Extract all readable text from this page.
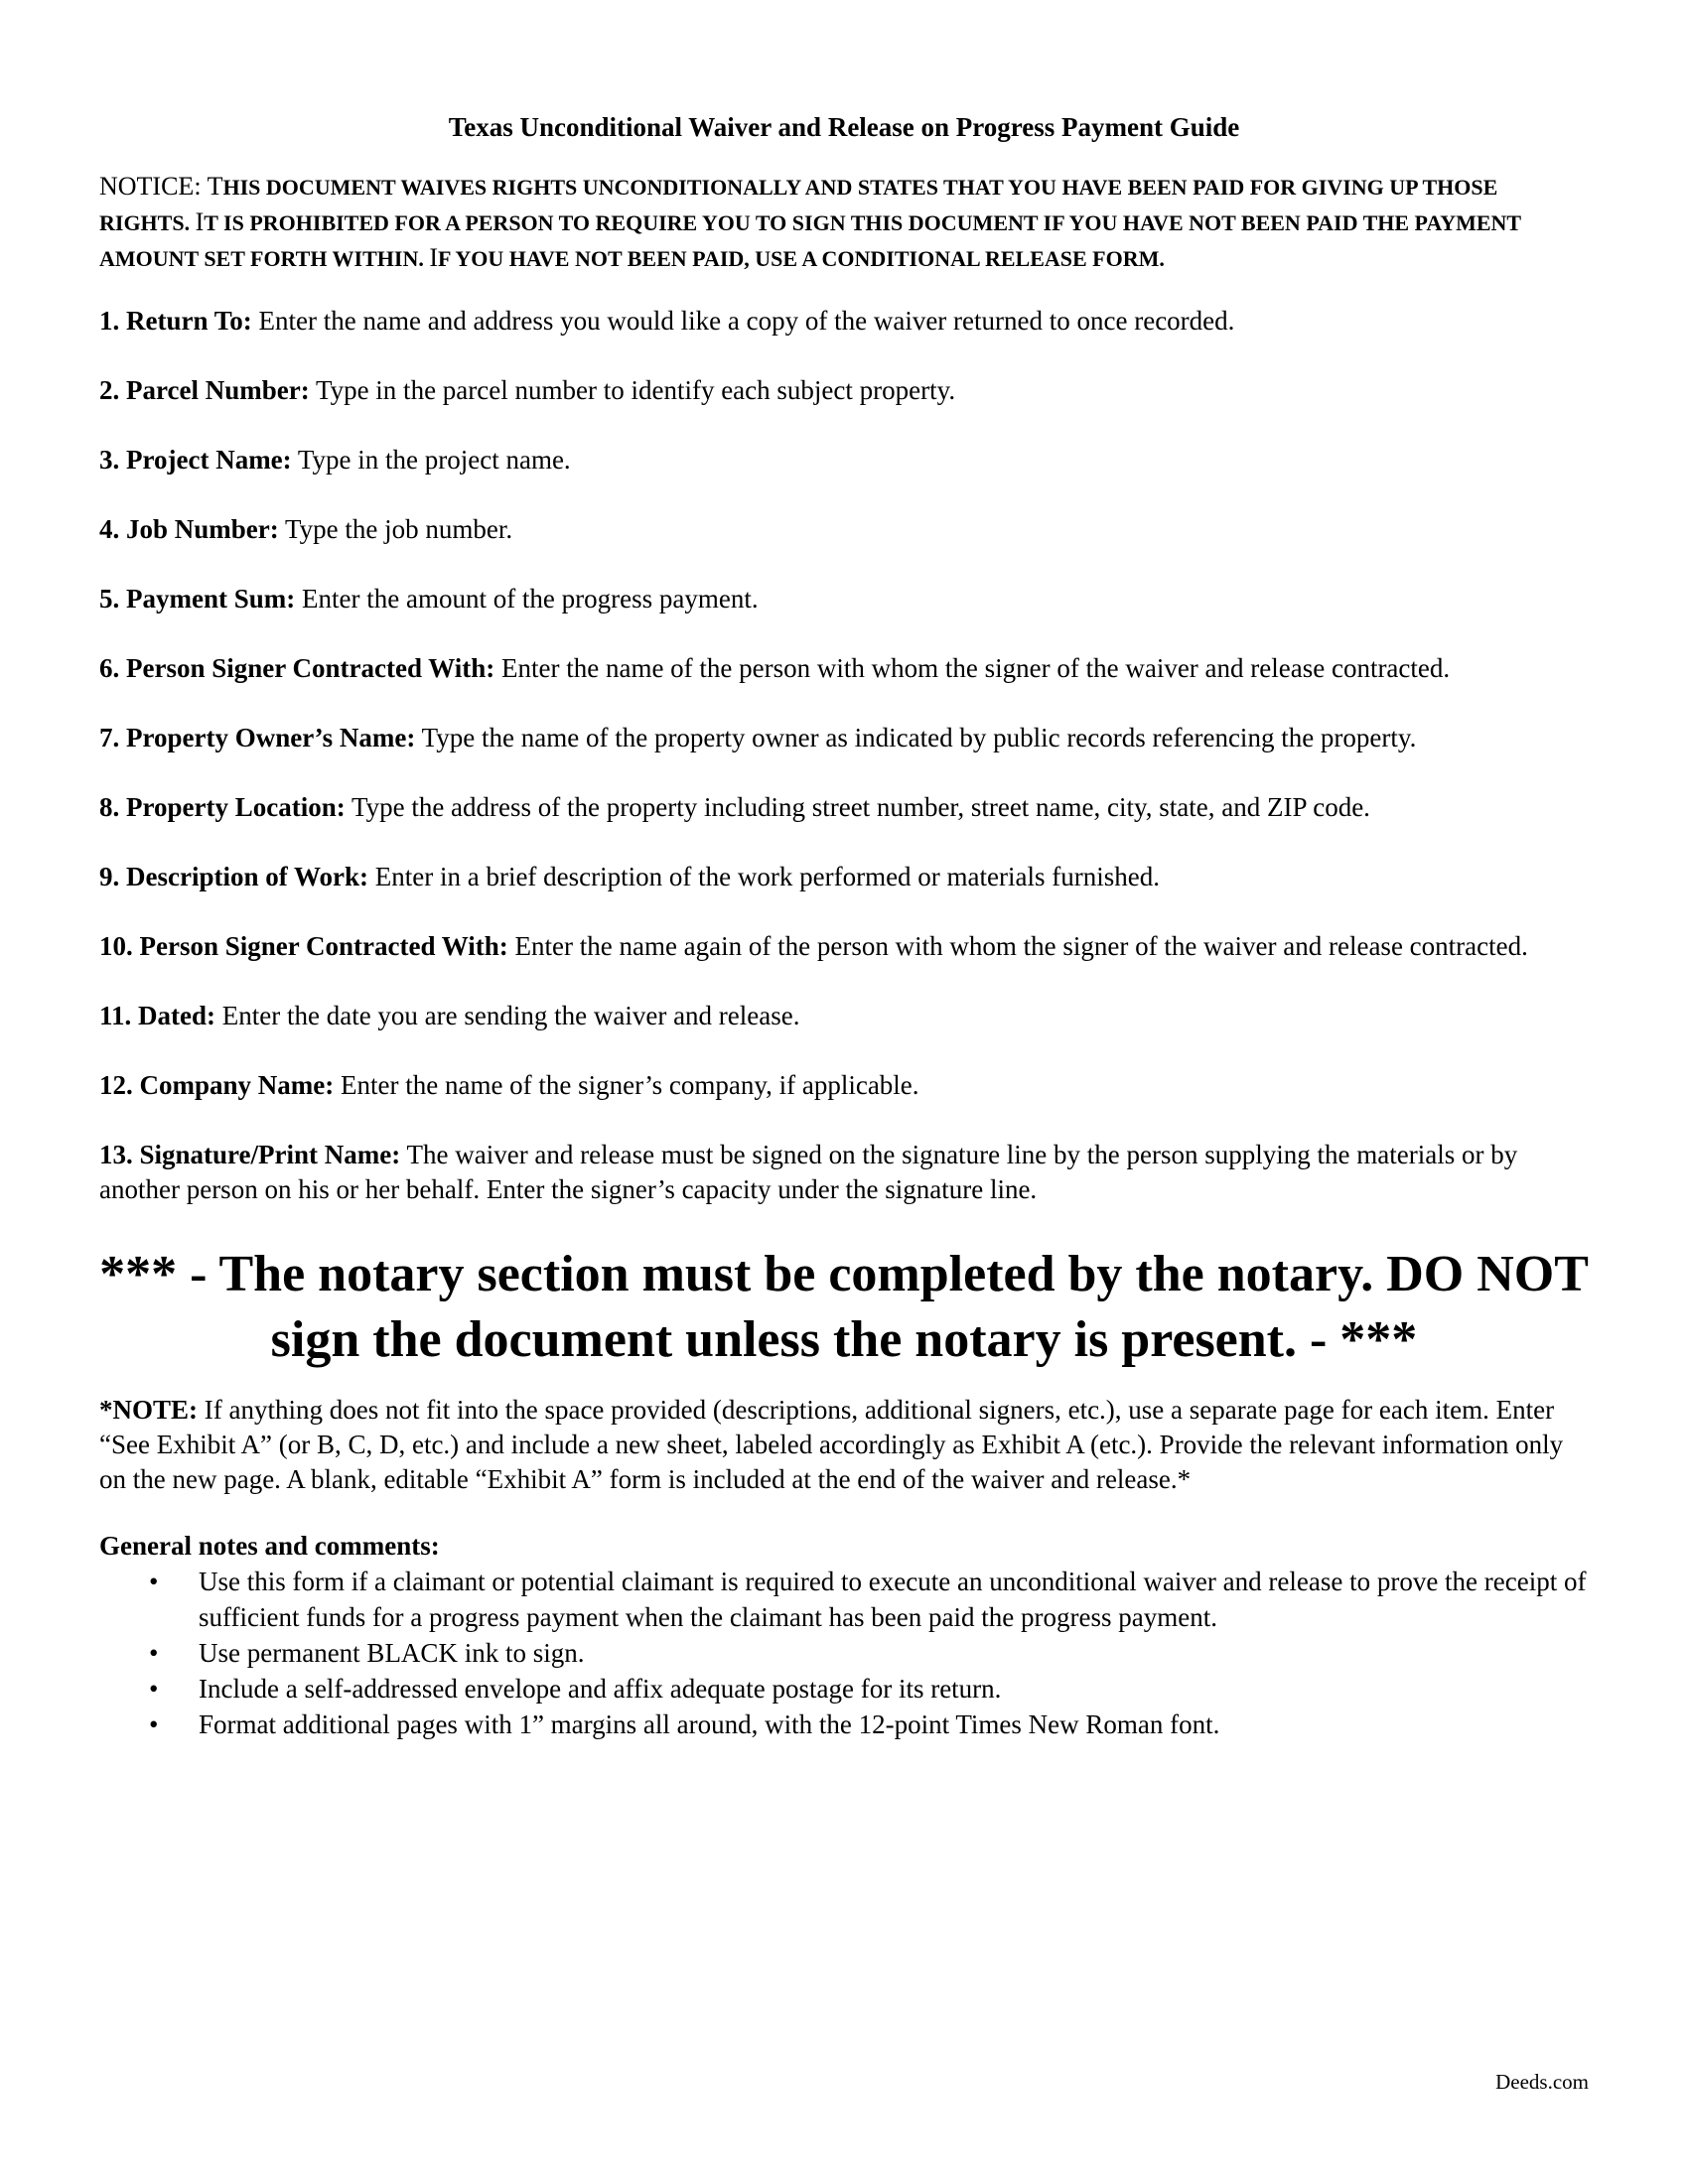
Texas Unconditional Waiver and Release on Progress Payment Guide
NOTICE: THIS DOCUMENT WAIVES RIGHTS UNCONDITIONALLY AND STATES THAT YOU HAVE BEEN PAID FOR GIVING UP THOSE RIGHTS. IT IS PROHIBITED FOR A PERSON TO REQUIRE YOU TO SIGN THIS DOCUMENT IF YOU HAVE NOT BEEN PAID THE PAYMENT AMOUNT SET FORTH WITHIN. IF YOU HAVE NOT BEEN PAID, USE A CONDITIONAL RELEASE FORM.
1. Return To: Enter the name and address you would like a copy of the waiver returned to once recorded.
2. Parcel Number: Type in the parcel number to identify each subject property.
3. Project Name: Type in the project name.
4. Job Number: Type the job number.
5. Payment Sum: Enter the amount of the progress payment.
6. Person Signer Contracted With: Enter the name of the person with whom the signer of the waiver and release contracted.
7. Property Owner’s Name: Type the name of the property owner as indicated by public records referencing the property.
8. Property Location: Type the address of the property including street number, street name, city, state, and ZIP code.
9. Description of Work: Enter in a brief description of the work performed or materials furnished.
10. Person Signer Contracted With: Enter the name again of the person with whom the signer of the waiver and release contracted.
11. Dated: Enter the date you are sending the waiver and release.
12. Company Name: Enter the name of the signer’s company, if applicable.
13. Signature/Print Name: The waiver and release must be signed on the signature line by the person supplying the materials or by another person on his or her behalf. Enter the signer’s capacity under the signature line.
*** - The notary section must be completed by the notary. DO NOT sign the document unless the notary is present. - ***
*NOTE: If anything does not fit into the space provided (descriptions, additional signers, etc.), use a separate page for each item. Enter “See Exhibit A” (or B, C, D, etc.) and include a new sheet, labeled accordingly as Exhibit A (etc.). Provide the relevant information only on the new page. A blank, editable “Exhibit A” form is included at the end of the waiver and release.*
General notes and comments:
• Use this form if a claimant or potential claimant is required to execute an unconditional waiver and release to prove the receipt of sufficient funds for a progress payment when the claimant has been paid the progress payment.
• Use permanent BLACK ink to sign.
• Include a self-addressed envelope and affix adequate postage for its return.
• Format additional pages with 1” margins all around, with the 12-point Times New Roman font.
Deeds.com
